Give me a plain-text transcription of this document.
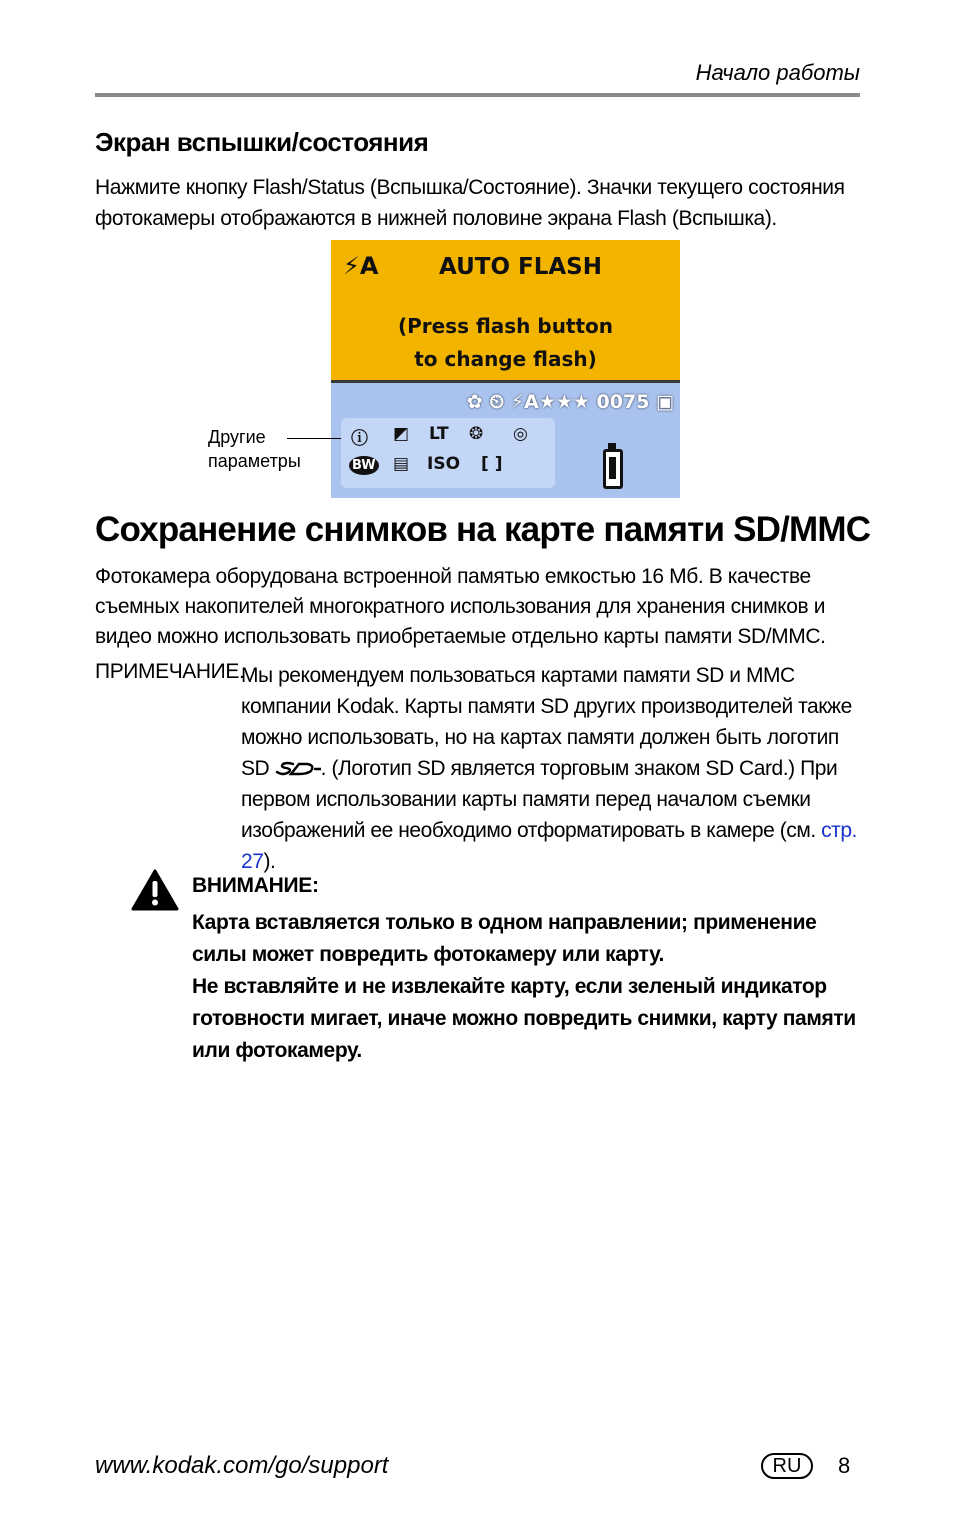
Начало работы
Экран вспышки/состояния
Нажмите кнопку Flash/Status (Вспышка/Состояние). Значки текущего состояния фотокамеры отображаются в нижней половине экрана Flash (Вспышка).
⚡A	AUTO FLASH
(Press flash button
to change flash)
✿ ⏲ ⚡A★★★ 0075 ▣
ⓘ ◩ LT ❂ ◎
BW ▤ ISO [ ]
Другие
параметры
Сохранение снимков на карте памяти SD/MMC
Фотокамера оборудована встроенной памятью емкостью 16 Мб. В качестве съемных накопителей многократного использования для хранения снимков и видео можно использовать приобретаемые отдельно карты памяти SD/MMC.
ПРИМЕЧАНИЕ.
Мы рекомендуем пользоваться картами памяти SD и MMC компании Kodak. Карты памяти SD других производителей также можно использовать, но на картах памяти должен быть логотип SD . (Логотип SD является торговым знаком SD Card.) При первом использовании карты памяти перед началом съемки изображений ее необходимо отформатировать в камере (см. стр. 27).
ВНИМАНИЕ:
Карта вставляется только в одном направлении; применение силы может повредить фотокамеру или карту.
Не вставляйте и не извлекайте карту, если зеленый индикатор готовности мигает, иначе можно повредить снимки, карту памяти или фотокамеру.
www.kodak.com/go/support	RU	8
